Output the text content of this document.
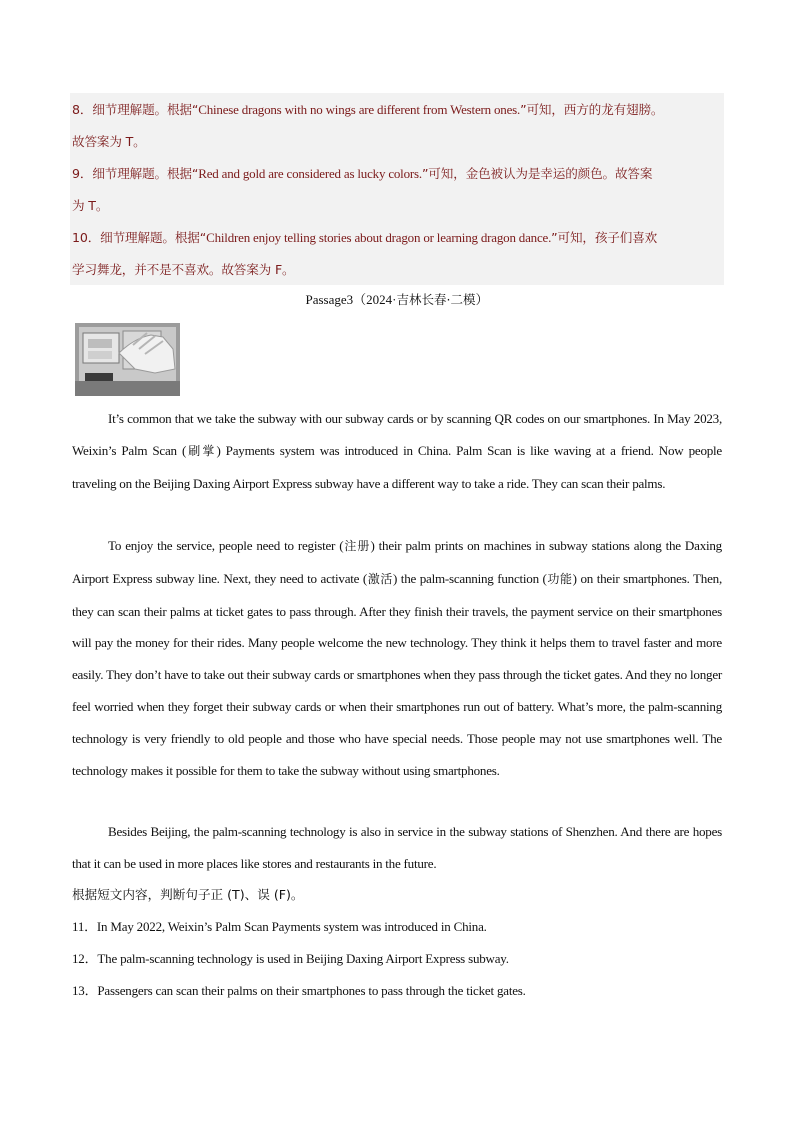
8．细节理解题。根据“Chinese dragons with no wings are different from Western ones.”可知，西方的龙有翅膀。
故答案为 T。
9．细节理解题。根据“Red and gold are considered as lucky colors.”可知，金色被认为是幸运的颜色。故答案
为 T。
10．细节理解题。根据“Children enjoy telling stories about dragon or learning dragon dance.”可知，孩子们喜欢
学习舞龙，并不是不喜欢。故答案为 F。
Passage3（2024·吉林长春·二模）

It’s common that we take the subway with our subway cards or by scanning QR codes on our smartphones. In May 2023, Weixin’s Palm Scan (刷掌) Payments system was introduced in China. Palm Scan is like waving at a friend. Now people traveling on the Beijing Daxing Airport Express subway have a different way to take a ride. They can scan their palms.

To enjoy the service, people need to register (注册) their palm prints on machines in subway stations along the Daxing Airport Express subway line. Next, they need to activate (激活) the palm-scanning function (功能) on their smartphones. Then, they can scan their palms at ticket gates to pass through. After they finish their travels, the payment service on their smartphones will pay the money for their rides. Many people welcome the new technology. They think it helps them to travel faster and more easily. They don’t have to take out their subway cards or smartphones when they pass through the ticket gates. And they no longer feel worried when they forget their subway cards or when their smartphones run out of battery. What’s more, the palm-scanning technology is very friendly to old people and those who have special needs. Those people may not use smartphones well. The technology makes it possible for them to take the subway without using smartphones.

Besides Beijing, the palm-scanning technology is also in service in the subway stations of Shenzhen. And there are hopes that it can be used in more places like stores and restaurants in the future.

根据短文内容，判断句子正 (T)、误 (F)。
11．In May 2022, Weixin’s Palm Scan Payments system was introduced in China.
12．The palm-scanning technology is used in Beijing Daxing Airport Express subway.
13．Passengers can scan their palms on their smartphones to pass through the ticket gates.
